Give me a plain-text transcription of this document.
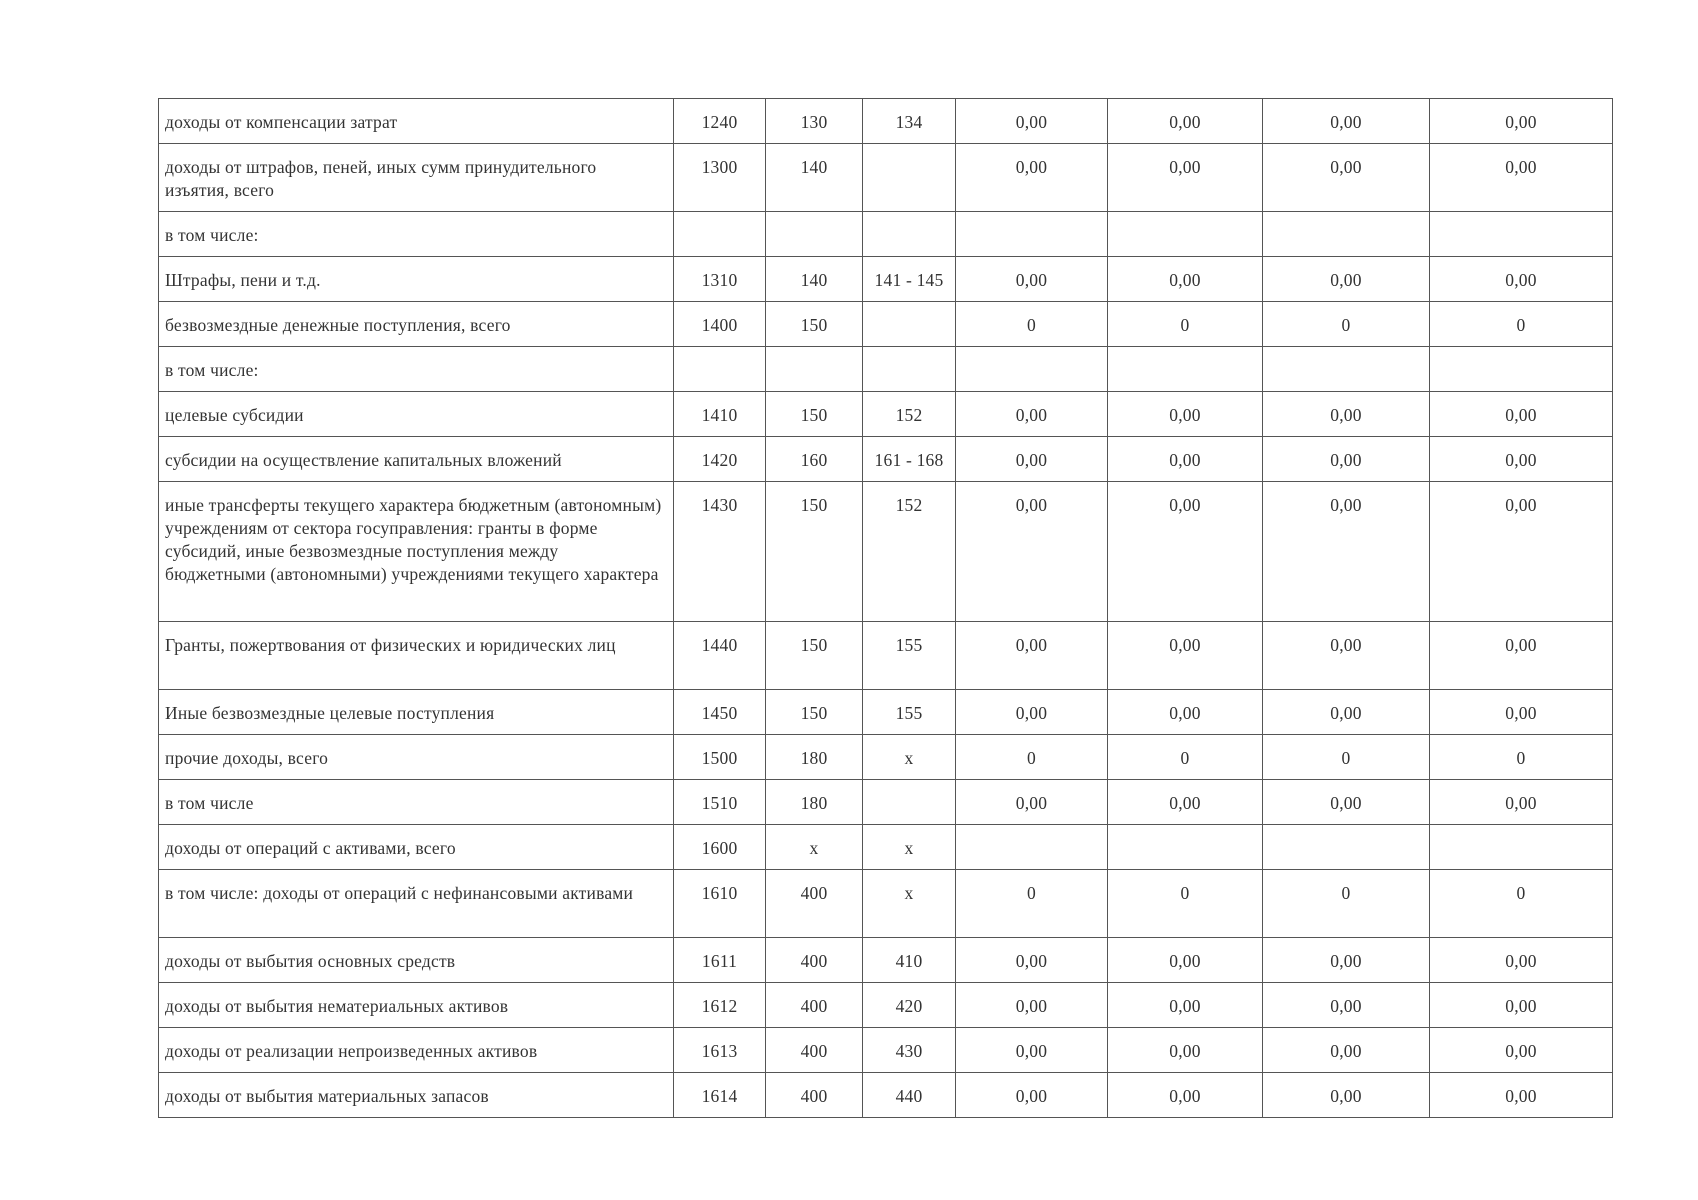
доходы от компенсации затрат	1240	130	134	0,00	0,00	0,00	0,00
доходы от штрафов, пеней, иных сумм принудительного изъятия, всего	1300	140		0,00	0,00	0,00	0,00
в том числе:							
Штрафы, пени и т.д.	1310	140	141 - 145	0,00	0,00	0,00	0,00
безвозмездные денежные поступления, всего	1400	150		0	0	0	0
в том числе:							
целевые субсидии	1410	150	152	0,00	0,00	0,00	0,00
субсидии на осуществление капитальных вложений	1420	160	161 - 168	0,00	0,00	0,00	0,00
иные трансферты текущего характера бюджетным (автономным) учреждениям от сектора госуправления: гранты в форме субсидий, иные безвозмездные поступления между бюджетными (автономными) учреждениями текущего характера	1430	150	152	0,00	0,00	0,00	0,00
Гранты, пожертвования от физических и юридических лиц	1440	150	155	0,00	0,00	0,00	0,00
Иные безвозмездные целевые поступления	1450	150	155	0,00	0,00	0,00	0,00
прочие доходы, всего	1500	180	x	0	0	0	0
в том числе	1510	180		0,00	0,00	0,00	0,00
доходы от операций с активами, всего	1600	x	x				
в том числе: доходы от операций с нефинансовыми активами	1610	400	x	0	0	0	0
доходы от выбытия основных средств	1611	400	410	0,00	0,00	0,00	0,00
доходы от выбытия нематериальных активов	1612	400	420	0,00	0,00	0,00	0,00
доходы от реализации непроизведенных активов	1613	400	430	0,00	0,00	0,00	0,00
доходы от выбытия материальных запасов	1614	400	440	0,00	0,00	0,00	0,00
